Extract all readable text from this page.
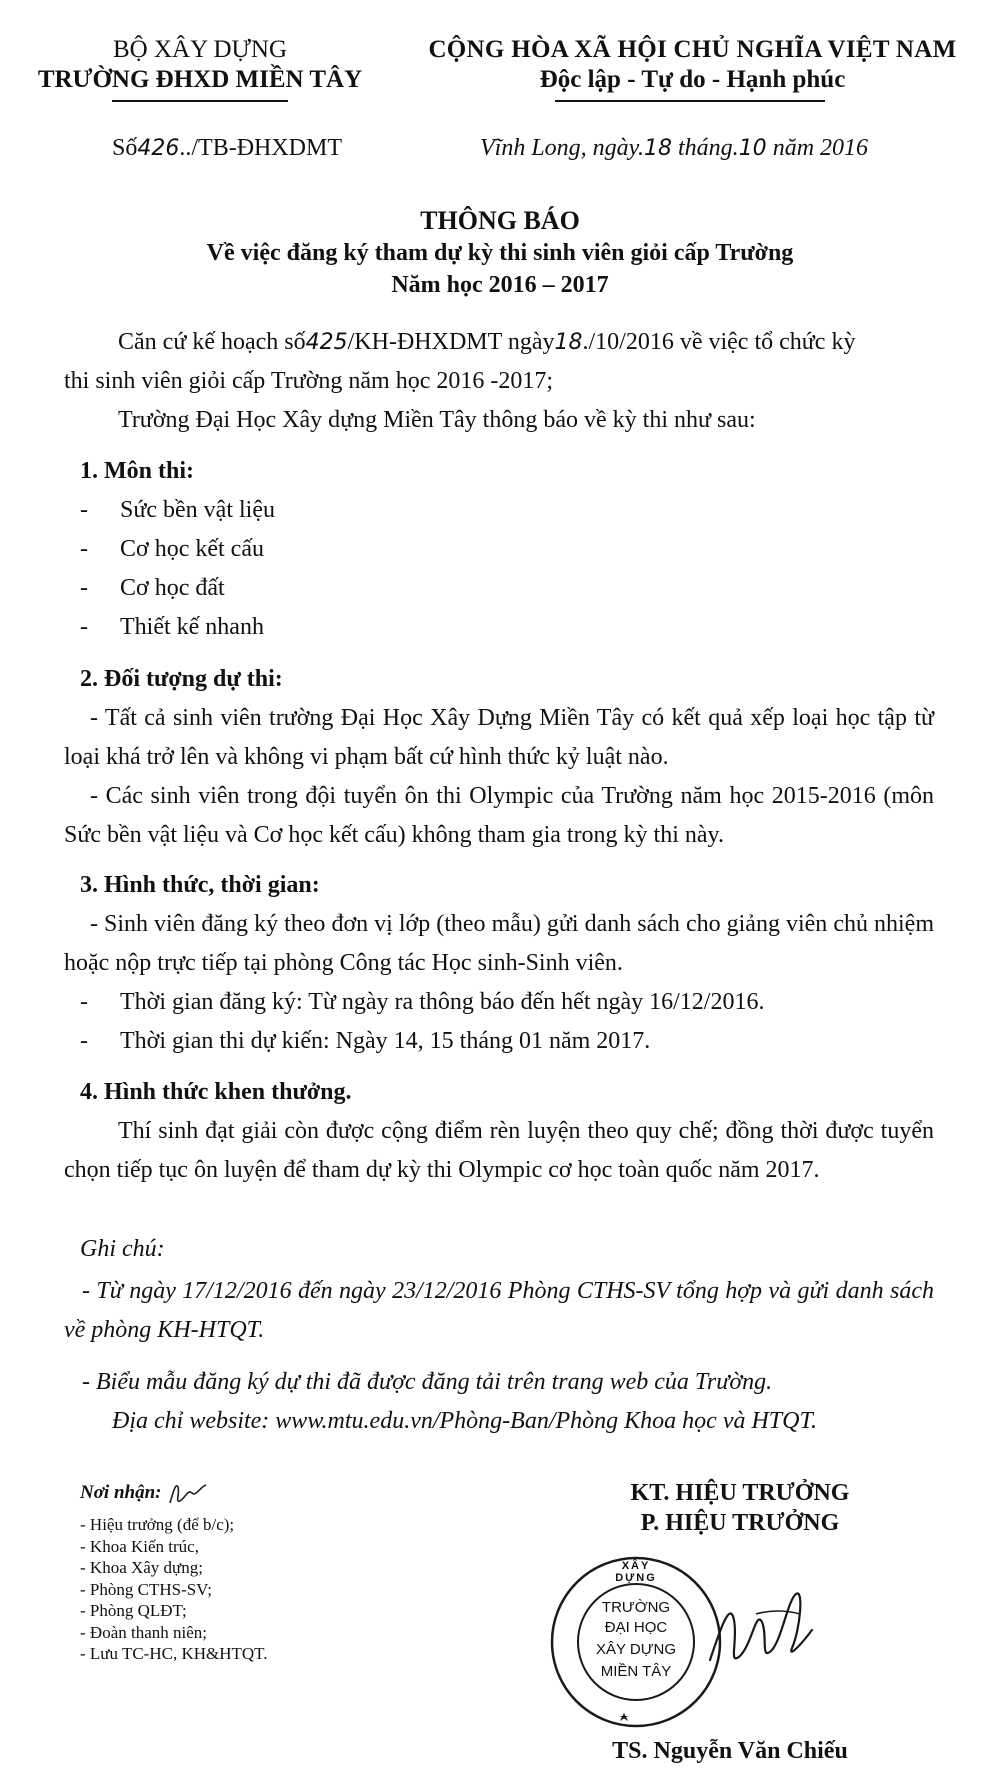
BỘ XÂY DỰNG
TRƯỜNG ĐHXD MIỀN TÂY
CỘNG HÒA XÃ HỘI CHỦ NGHĨA VIỆT NAM
Độc lập - Tự do - Hạnh phúc
Số426../TB-ĐHXDMT	Vĩnh Long, ngày.18 tháng.10 năm 2016
THÔNG BÁO
Về việc đăng ký tham dự kỳ thi sinh viên giỏi cấp Trường
Năm học 2016 – 2017
Căn cứ kế hoạch số425/KH-ĐHXDMT ngày18./10/2016 về việc tổ chức kỳ
thi sinh viên giỏi cấp Trường năm học 2016 -2017;
Trường Đại Học Xây dựng Miền Tây thông báo về kỳ thi như sau:
1. Môn thi:
- Sức bền vật liệu
- Cơ học kết cấu
- Cơ học đất
- Thiết kế nhanh
2. Đối tượng dự thi:
- Tất cả sinh viên trường Đại Học Xây Dựng Miền Tây có kết quả xếp loại học tập từ loại khá trở lên và không vi phạm bất cứ hình thức kỷ luật nào.
- Các sinh viên trong đội tuyển ôn thi Olympic của Trường năm học 2015-2016 (môn Sức bền vật liệu và Cơ học kết cấu) không tham gia trong kỳ thi này.
3. Hình thức, thời gian:
- Sinh viên đăng ký theo đơn vị lớp (theo mẫu) gửi danh sách cho giảng viên chủ nhiệm hoặc nộp trực tiếp tại phòng Công tác Học sinh-Sinh viên.
- Thời gian đăng ký: Từ ngày ra thông báo đến hết ngày 16/12/2016.
- Thời gian thi dự kiến: Ngày 14, 15 tháng 01 năm 2017.
4. Hình thức khen thưởng.
Thí sinh đạt giải còn được cộng điểm rèn luyện theo quy chế; đồng thời được tuyển chọn tiếp tục ôn luyện để tham dự kỳ thi Olympic cơ học toàn quốc năm 2017.
Ghi chú:
- Từ ngày 17/12/2016 đến ngày 23/12/2016 Phòng CTHS-SV tổng hợp và gửi danh sách về phòng KH-HTQT.
- Biểu mẫu đăng ký dự thi đã được đăng tải trên trang web của Trường.
Địa chỉ website: www.mtu.edu.vn/Phòng-Ban/Phòng Khoa học và HTQT.
Nơi nhận:
- Hiệu trưởng (để b/c);
- Khoa Kiến trúc,
- Khoa Xây dựng;
- Phòng CTHS-SV;
- Phòng QLĐT;
- Đoàn thanh niên;
- Lưu TC-HC, KH&HTQT.
KT. HIỆU TRƯỞNG
P. HIỆU TRƯỞNG
XÂY DỰNG
TRƯỜNG
ĐẠI HỌC
XÂY DỰNG
MIỀN TÂY
TS. Nguyễn Văn Chiếu
